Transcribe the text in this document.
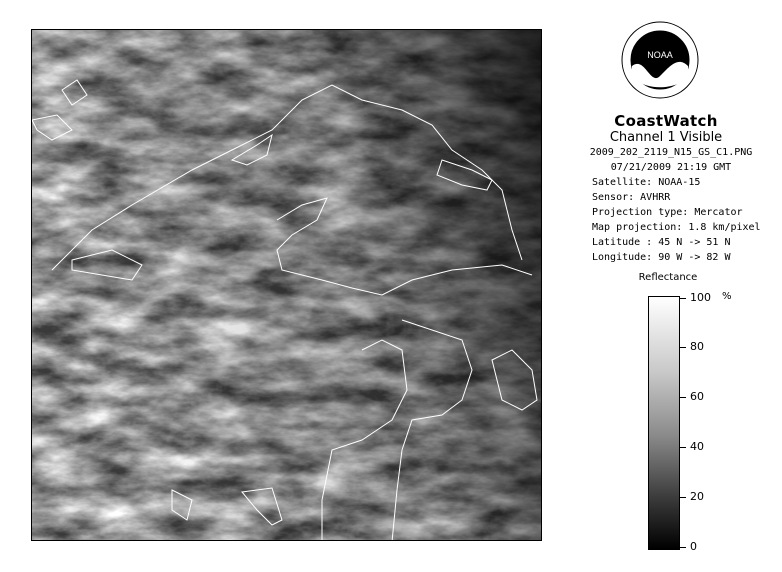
NOAA
CoastWatch
Channel 1 Visible
2009_202_2119_N15_GS_C1.PNG
07/21/2009 21:19 GMT
Satellite: NOAA-15
Sensor: AVHRR
Projection type: Mercator
Map projection: 1.8 km/pixel
Latitude : 45 N -> 51 N
Longitude: 90 W -> 82 W
Reflectance
%
100
80
60
40
20
0
